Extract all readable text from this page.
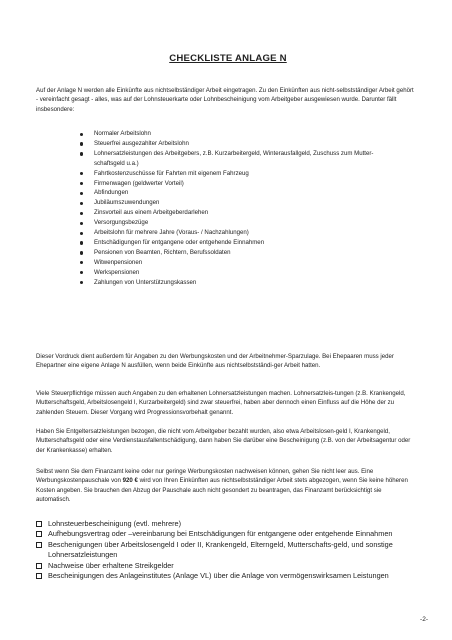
CHECKLISTE ANLAGE N
Auf der Anlage N werden alle Einkünfte aus nichtselbständiger Arbeit eingetragen. Zu den Einkünften aus nicht-selbstständiger Arbeit gehört - vereinfacht gesagt - alles, was auf der Lohnsteuerkarte oder Lohnbescheinigung vom Arbeitgeber ausgewiesen wurde. Darunter fällt insbesondere:
Normaler Arbeitslohn
Steuerfrei ausgezahlter Arbeitslohn
Lohnersatzleistungen des Arbeitgebers, z.B. Kurzarbeitergeld, Winterausfallgeld, Zuschuss zum Mutter-schaftsgeld u.a.)
Fahrtkostenzuschüsse für Fahrten mit eigenem Fahrzeug
Firmenwagen (geldwerter Vorteil)
Abfindungen
Jubiläumszuwendungen
Zinsvorteil aus einem Arbeitgeberdarlehen
Versorgungsbezüge
Arbeitslohn für mehrere Jahre (Voraus- / Nachzahlungen)
Entschädigungen für entgangene oder entgehende Einnahmen
Pensionen von Beamten, Richtern, Berufssoldaten
Witwenpensionen
Werkspensionen
Zahlungen von Unterstützungskassen
Dieser Vordruck dient außerdem für Angaben zu den Werbungskosten und der Arbeitnehmer-Sparzulage. Bei Ehepaaren muss jeder Ehepartner eine eigene Anlage N ausfüllen, wenn beide Einkünfte aus nichtselbstständi-ger Arbeit hatten.
Viele Steuerpflichtige müssen auch Angaben zu den erhaltenen Lohnersatzleistungen machen. Lohnersatzleis-tungen (z.B. Krankengeld, Mutterschaftsgeld, Arbeitslosengeld I, Kurzarbeitergeld) sind zwar steuerfrei, haben aber dennoch einen Einfluss auf die Höhe der zu zahlenden Steuern. Dieser Vorgang wird Progressionsvorbehalt genannt.
Haben Sie Entgeltersatzleistungen bezogen, die nicht vom Arbeitgeber bezahlt wurden, also etwa Arbeitslosen-geld I, Krankengeld, Mutterschaftsgeld oder eine Verdienstausfallentschädigung, dann haben Sie darüber eine Bescheinigung (z.B. von der Arbeitsagentur oder der Krankenkasse) erhalten.
Selbst wenn Sie dem Finanzamt keine oder nur geringe Werbungskosten nachweisen können, gehen Sie nicht leer aus. Eine Werbungskostenpauschale von 920 € wird von Ihren Einkünften aus nichtselbstständiger Arbeit stets abgezogen, wenn Sie keine höheren Kosten angeben. Sie brauchen den Abzug der Pauschale auch nicht gesondert zu beantragen, das Finanzamt berücksichtigt sie automatisch.
Lohnsteuerbescheinigung (evtl. mehrere)
Aufhebungsvertrag oder –vereinbarung bei Entschädigungen für entgangene oder entgehende Einnahmen
Beschenigungen über Arbeitslosengeld I oder II, Krankengeld, Elterngeld, Mutterschafts-geld, und sonstige Lohnersatzleistungen
Nachweise über erhaltene Streikgelder
Bescheinigungen des Anlageinstitutes (Anlage VL) über die Anlage von vermögenswirksamen Leistungen
-2-
